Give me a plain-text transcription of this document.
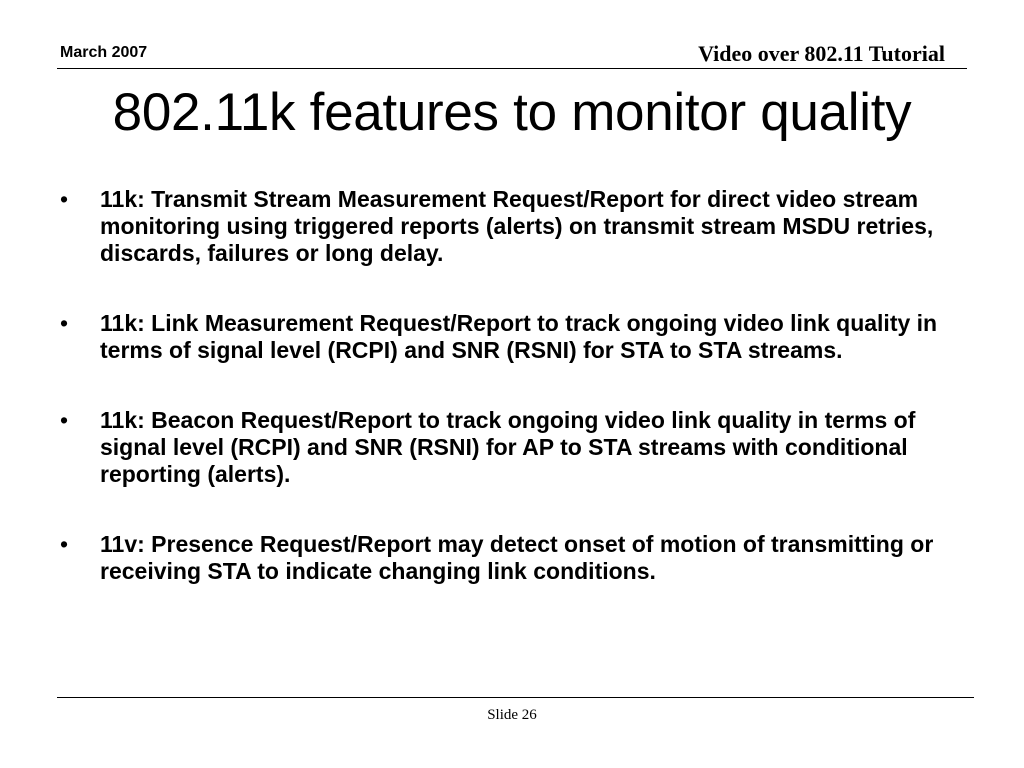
March 2007	Video over 802.11 Tutorial

802.11k features to monitor quality
• 11k: Transmit Stream Measurement Request/Report for direct video stream monitoring using triggered reports (alerts) on transmit stream MSDU retries, discards, failures or long delay.
• 11k: Link Measurement Request/Report to track ongoing video link quality in terms of signal level (RCPI) and SNR (RSNI) for STA to STA streams.
• 11k: Beacon Request/Report to track ongoing video link quality in terms of signal level (RCPI) and SNR (RSNI) for AP to STA streams with conditional reporting (alerts).
• 11v: Presence Request/Report may detect onset of motion of transmitting or receiving STA to indicate changing link conditions.

Slide 26
